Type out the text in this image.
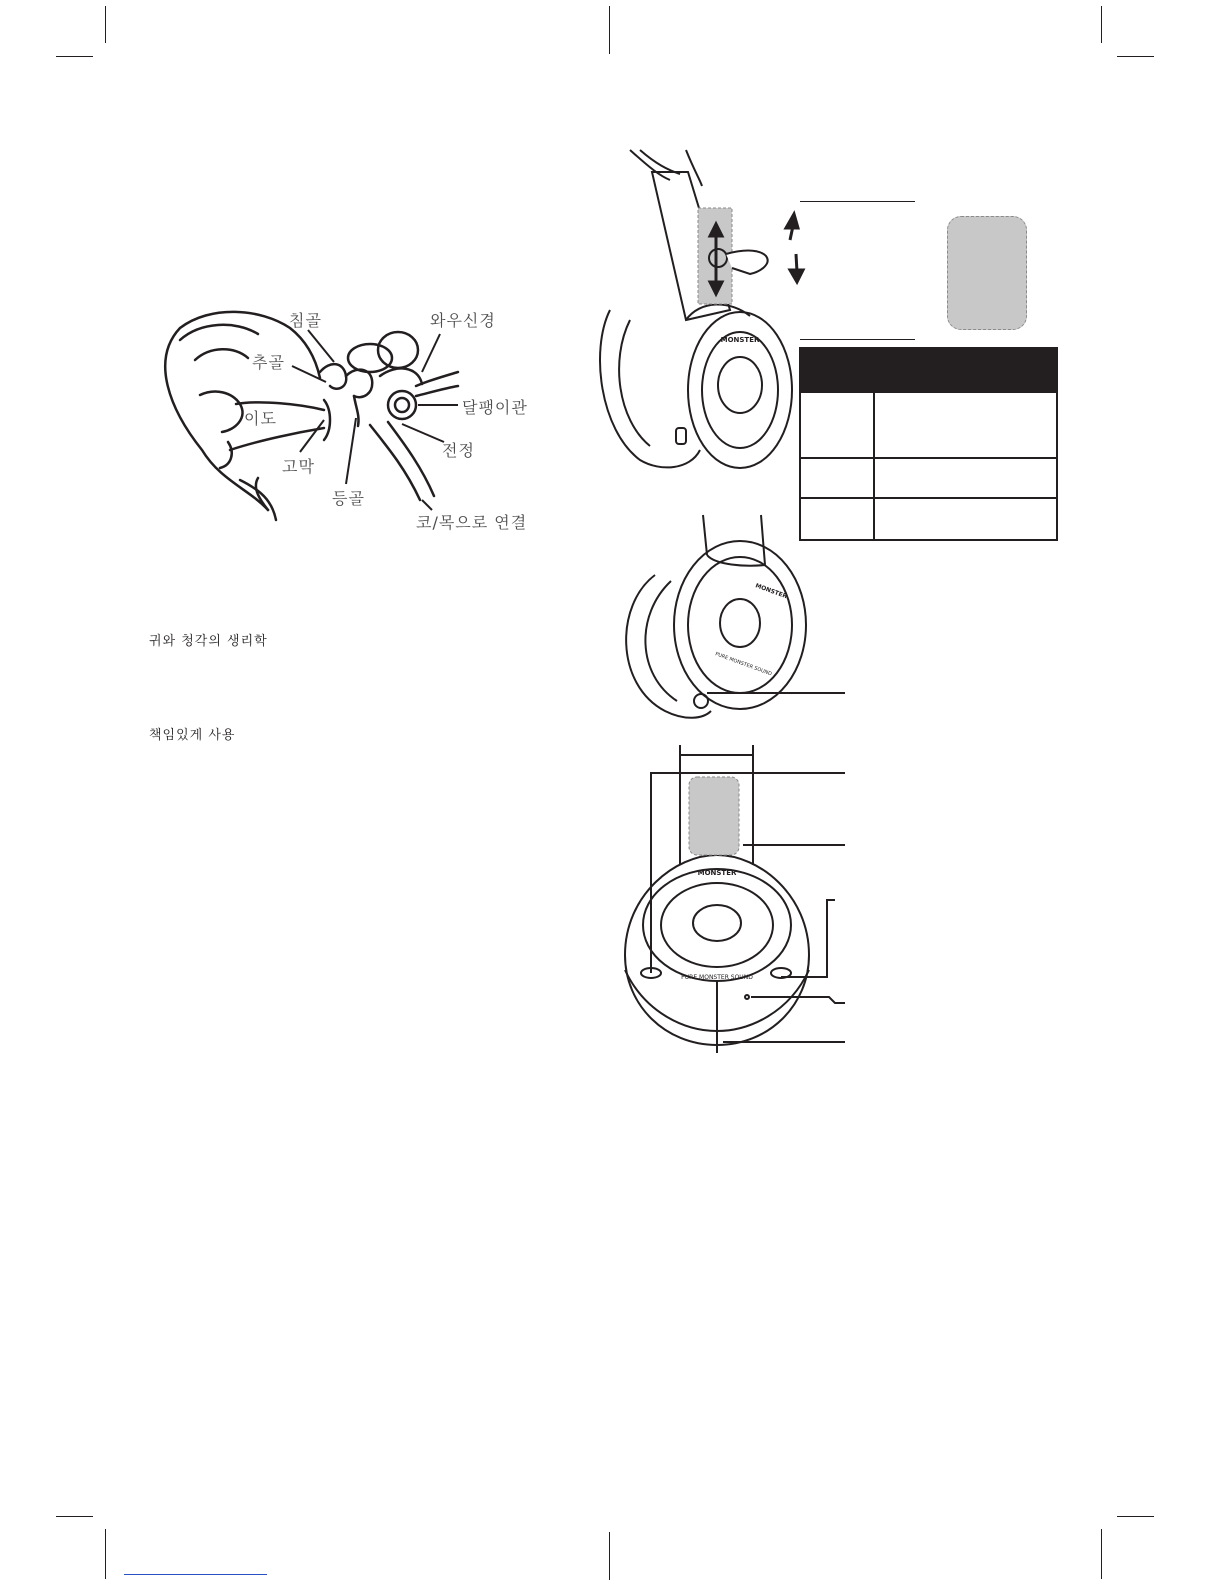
침골	와우신경
추골
이도
달팽이관
고막
전정
등골
코/목으로 연결
귀와 청각의 생리학
책임있게 사용
MONSTER

MONSTER
PURE MONSTER SOUND
MONSTER
PURE MONSTER SOUND
